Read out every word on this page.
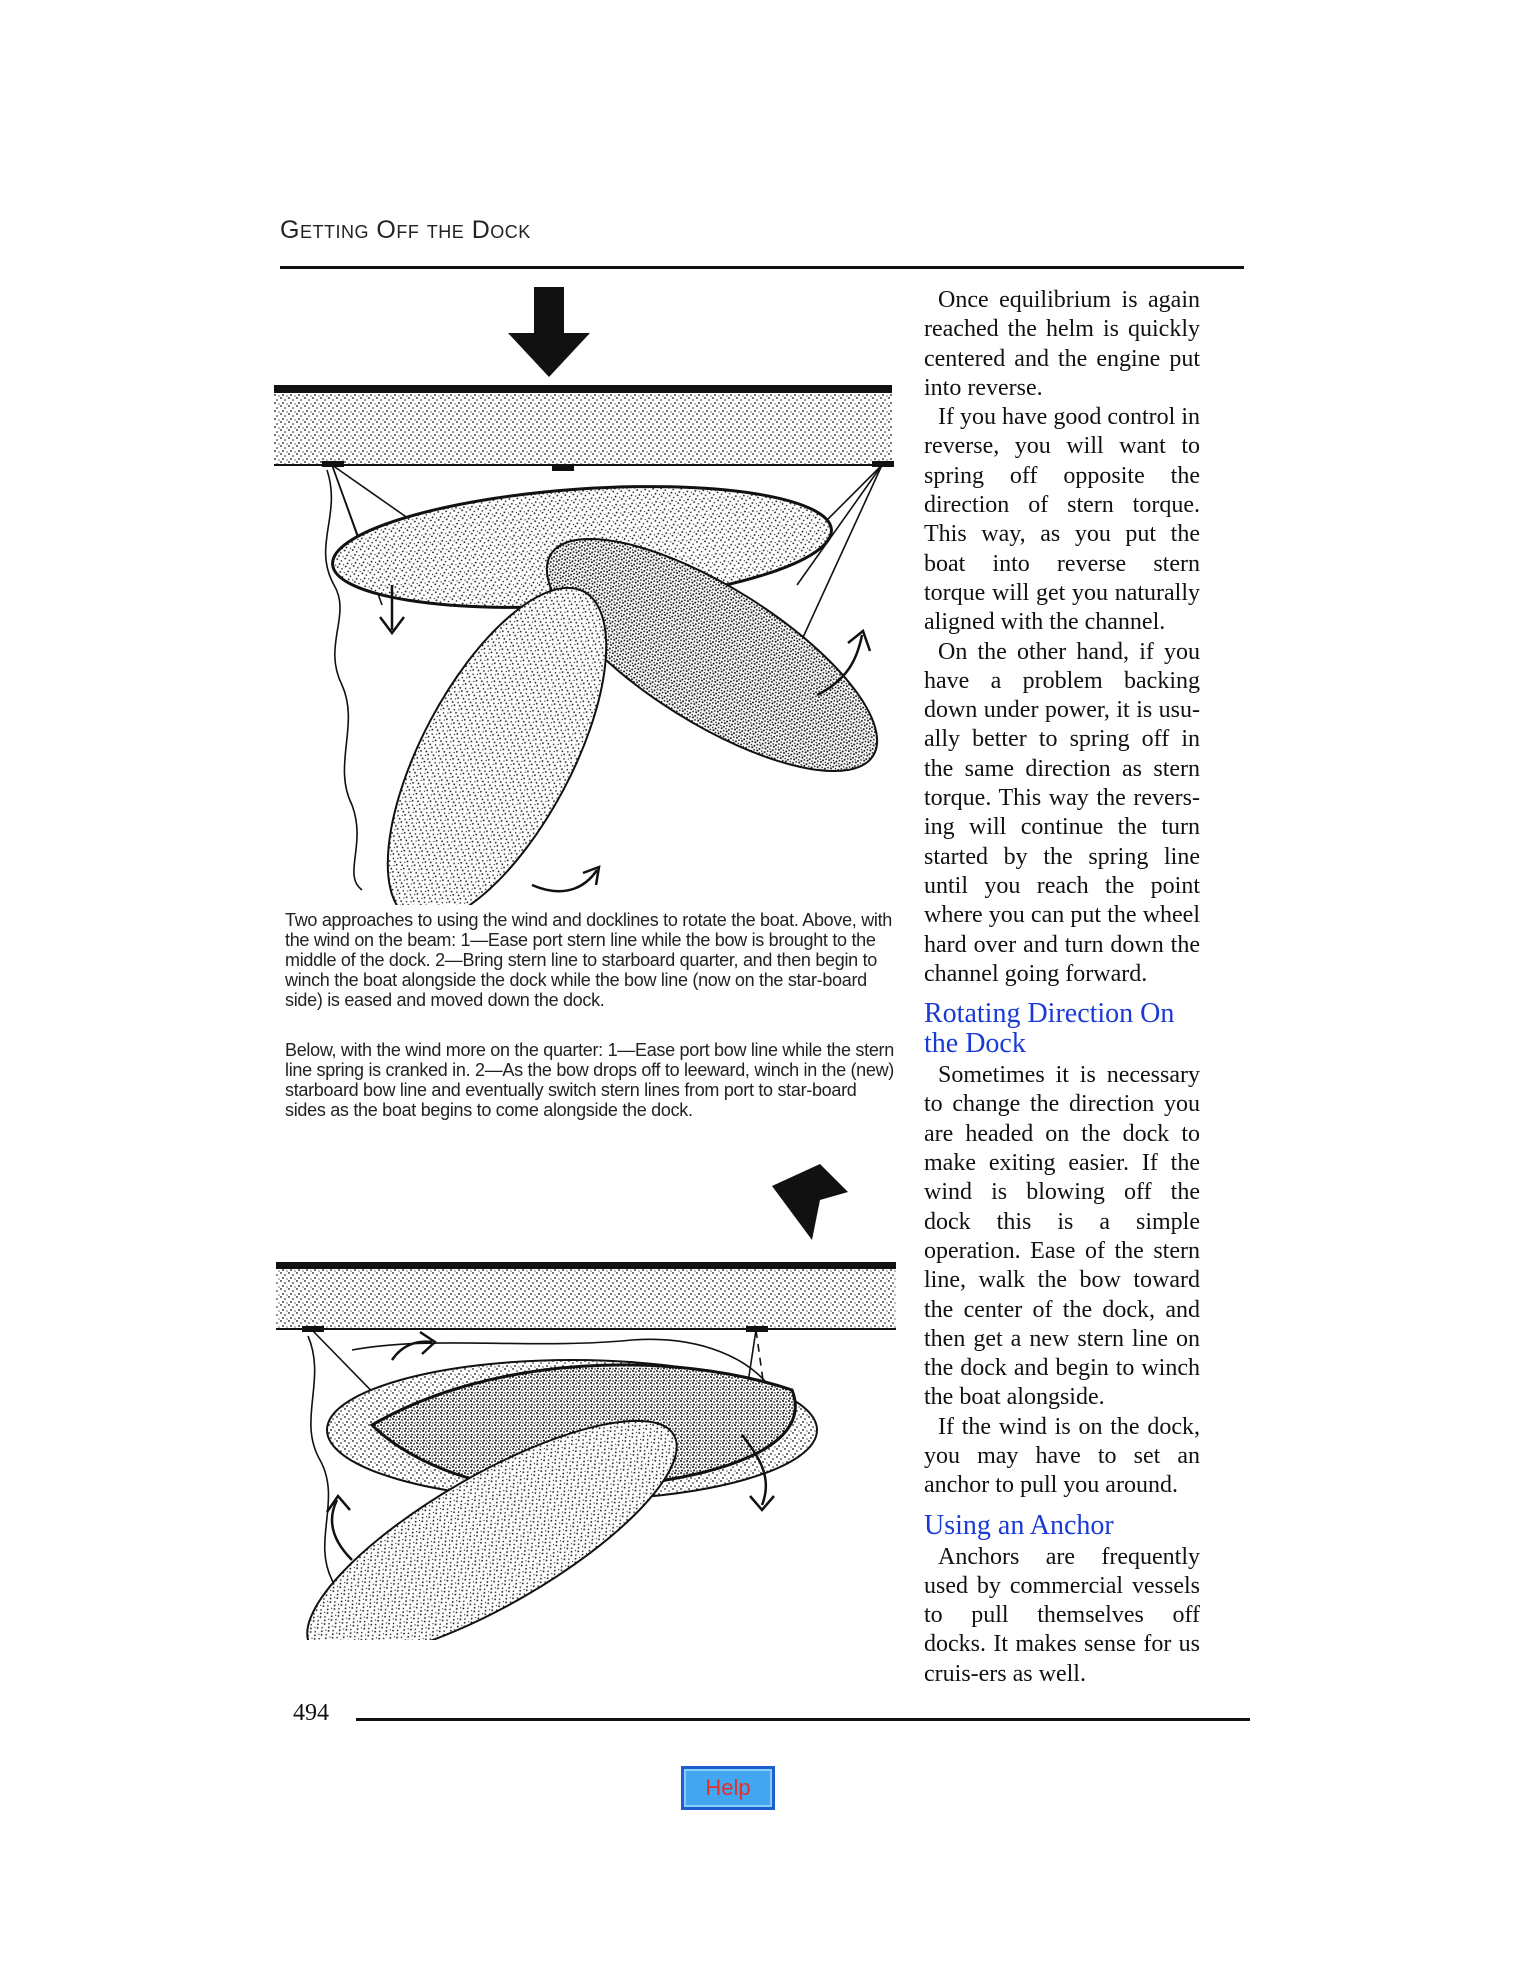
Getting Off the Dock

Two approaches to using the wind and docklines to rotate the boat. Above, with the wind on the beam: 1—Ease port stern line while the bow is brought to the middle of the dock. 2—Bring stern line to starboard quarter, and then begin to winch the boat alongside the dock while the bow line (now on the star-board side) is eased and moved down the dock.

Below, with the wind more on the quarter: 1—Ease port bow line while the stern line spring is cranked in. 2—As the bow drops off to leeward, winch in the (new) starboard bow line and eventually switch stern lines from port to star-board sides as the boat begins to come alongside the dock.

Once equilibrium is again reached the helm is quickly centered and the engine put into reverse.

If you have good control in reverse, you will want to spring off opposite the direction of stern torque. This way, as you put the boat into reverse stern torque will get you naturally aligned with the channel.

On the other hand, if you have a problem backing down under power, it is usu-ally better to spring off in the same direction as stern torque. This way the revers-ing will continue the turn started by the spring line until you reach the point where you can put the wheel hard over and turn down the channel going forward.

Rotating Direction On the Dock

Sometimes it is necessary to change the direction you are headed on the dock to make exiting easier. If the wind is blowing off the dock this is a simple operation. Ease of the stern line, walk the bow toward the center of the dock, and then get a new stern line on the dock and begin to winch the boat alongside.

If the wind is on the dock, you may have to set an anchor to pull you around.

Using an Anchor

Anchors are frequently used by commercial vessels to pull themselves off docks. It makes sense for us cruis-ers as well.

494
Help
